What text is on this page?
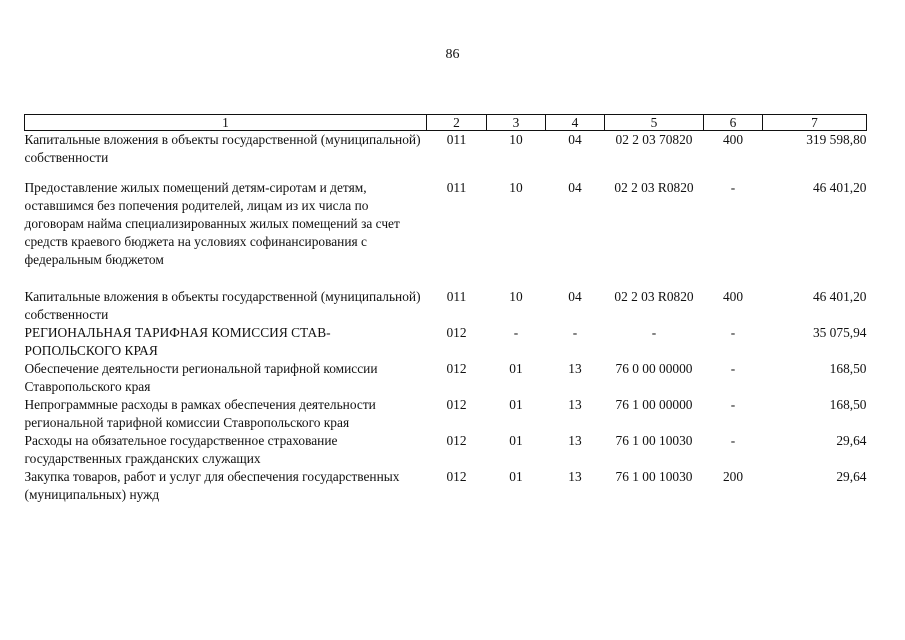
86
1	2	3	4	5	6	7
Капитальные вложения в объекты государственной (муниципальной) собственности	011	10	04	02 2 03 70820	400	319 598,80
Предоставление жилых помещений детям-сиротам и детям, оставшимся без попечения родителей, лицам из их числа по договорам найма специализированных жилых помещений за счет средств краевого бюджета на условиях софинансирования с федеральным бюджетом	011	10	04	02 2 03 R0820	-	46 401,20

Капитальные вложения в объекты государственной (муниципальной) собственности	011	10	04	02 2 03 R0820	400	46 401,20
РЕГИОНАЛЬНАЯ ТАРИФНАЯ КОМИССИЯ СТАВ-РОПОЛЬСКОГО КРАЯ	012	-	-	-	-	35 075,94
Обеспечение деятельности региональной тарифной комиссии Ставропольского края	012	01	13	76 0 00 00000	-	168,50
Непрограммные расходы в рамках обеспечения деятельности региональной тарифной комиссии Ставропольского края	012	01	13	76 1 00 00000	-	168,50
Расходы на обязательное государственное страхование государственных гражданских служащих	012	01	13	76 1 00 10030	-	29,64
Закупка товаров, работ и услуг для обеспечения государственных (муниципальных) нужд	012	01	13	76 1 00 10030	200	29,64
